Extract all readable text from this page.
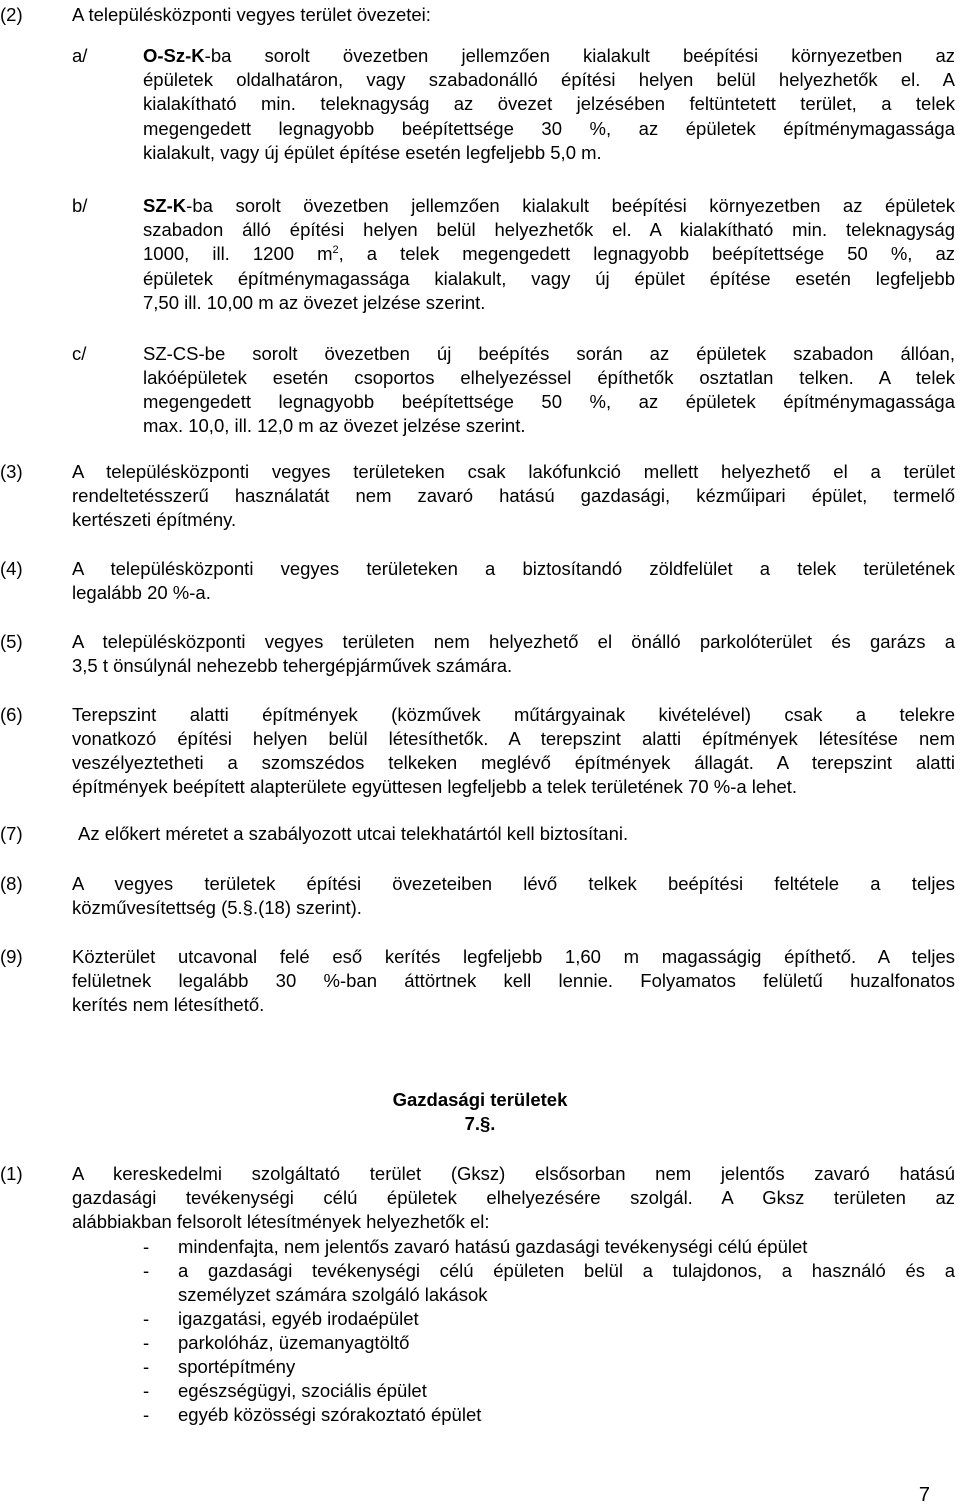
(2)	A településközponti vegyes terület övezetei:
a/	O-Sz-K-ba sorolt övezetben jellemzően kialakult beépítési környezetben az
épületek oldalhatáron, vagy szabadonálló építési helyen belül helyezhetők el. A
kialakítható min. teleknagyság az övezet jelzésében feltüntetett terület, a telek
megengedett legnagyobb beépítettsége 30 %, az épületek építménymagassága
kialakult, vagy új épület építése esetén legfeljebb 5,0 m.
b/	SZ-K-ba sorolt övezetben jellemzően kialakult beépítési környezetben az épületek
szabadon álló építési helyen belül helyezhetők el. A kialakítható min. teleknagyság
1000, ill. 1200 $m^2$, a telek megengedett legnagyobb beépítettsége 50 %, az
épületek építménymagassága kialakult, vagy új épület építése esetén legfeljebb
7,50 ill. 10,00 m az övezet jelzése szerint.
c/	SZ-CS-be sorolt övezetben új beépítés során az épületek szabadon állóan,
lakóépületek esetén csoportos elhelyezéssel építhetők osztatlan telken. A telek
megengedett legnagyobb beépítettsége 50 %, az épületek építménymagassága
max. 10,0, ill. 12,0 m az övezet jelzése szerint.
(3)	A településközponti vegyes területeken csak lakófunkció mellett helyezhető el a terület
rendeltetésszerű használatát nem zavaró hatású gazdasági, kézműipari épület, termelő
kertészeti építmény.
(4)	A településközponti vegyes területeken a biztosítandó zöldfelület a telek területének
legalább 20 %-a.
(5)	A településközponti vegyes területen nem helyezhető el önálló parkolóterület és garázs a
3,5 t önsúlynál nehezebb tehergépjárművek számára.
(6)	Terepszint alatti építmények (közművek műtárgyainak kivételével) csak a telekre
vonatkozó építési helyen belül létesíthetők. A terepszint alatti építmények létesítése nem
veszélyeztetheti a szomszédos telkeken meglévő építmények állagát. A terepszint alatti
építmények beépített alapterülete együttesen legfeljebb a telek területének 70 %-a lehet.
(7)	Az előkert méretet a szabályozott utcai telekhatártól kell biztosítani.
(8)	A vegyes területek építési övezeteiben lévő telkek beépítési feltétele a teljes
közművesítettség (5.§.(18) szerint).
(9)	Közterület utcavonal felé eső kerítés legfeljebb 1,60 m magasságig építhető. A teljes
felületnek legalább 30 %-ban áttörtnek kell lennie. Folyamatos felületű huzalfonatos
kerítés nem létesíthető.
(1)	A kereskedelmi szolgáltató terület (Gksz) elsősorban nem jelentős zavaró hatású
gazdasági tevékenységi célú épületek elhelyezésére szolgál. A Gksz területen az
alábbiakban felsorolt létesítmények helyezhetők el:
- mindenfajta, nem jelentős zavaró hatású gazdasági tevékenységi célú épület
- a gazdasági tevékenységi célú épületen belül a tulajdonos, a használó és a
személyzet számára szolgáló lakások
- igazgatási, egyéb irodaépület
- parkolóház, üzemanyagtöltő
- sportépítmény
- egészségügyi, szociális épület
- egyéb közösségi szórakoztató épület
Gazdasági területek
7.§.
7
